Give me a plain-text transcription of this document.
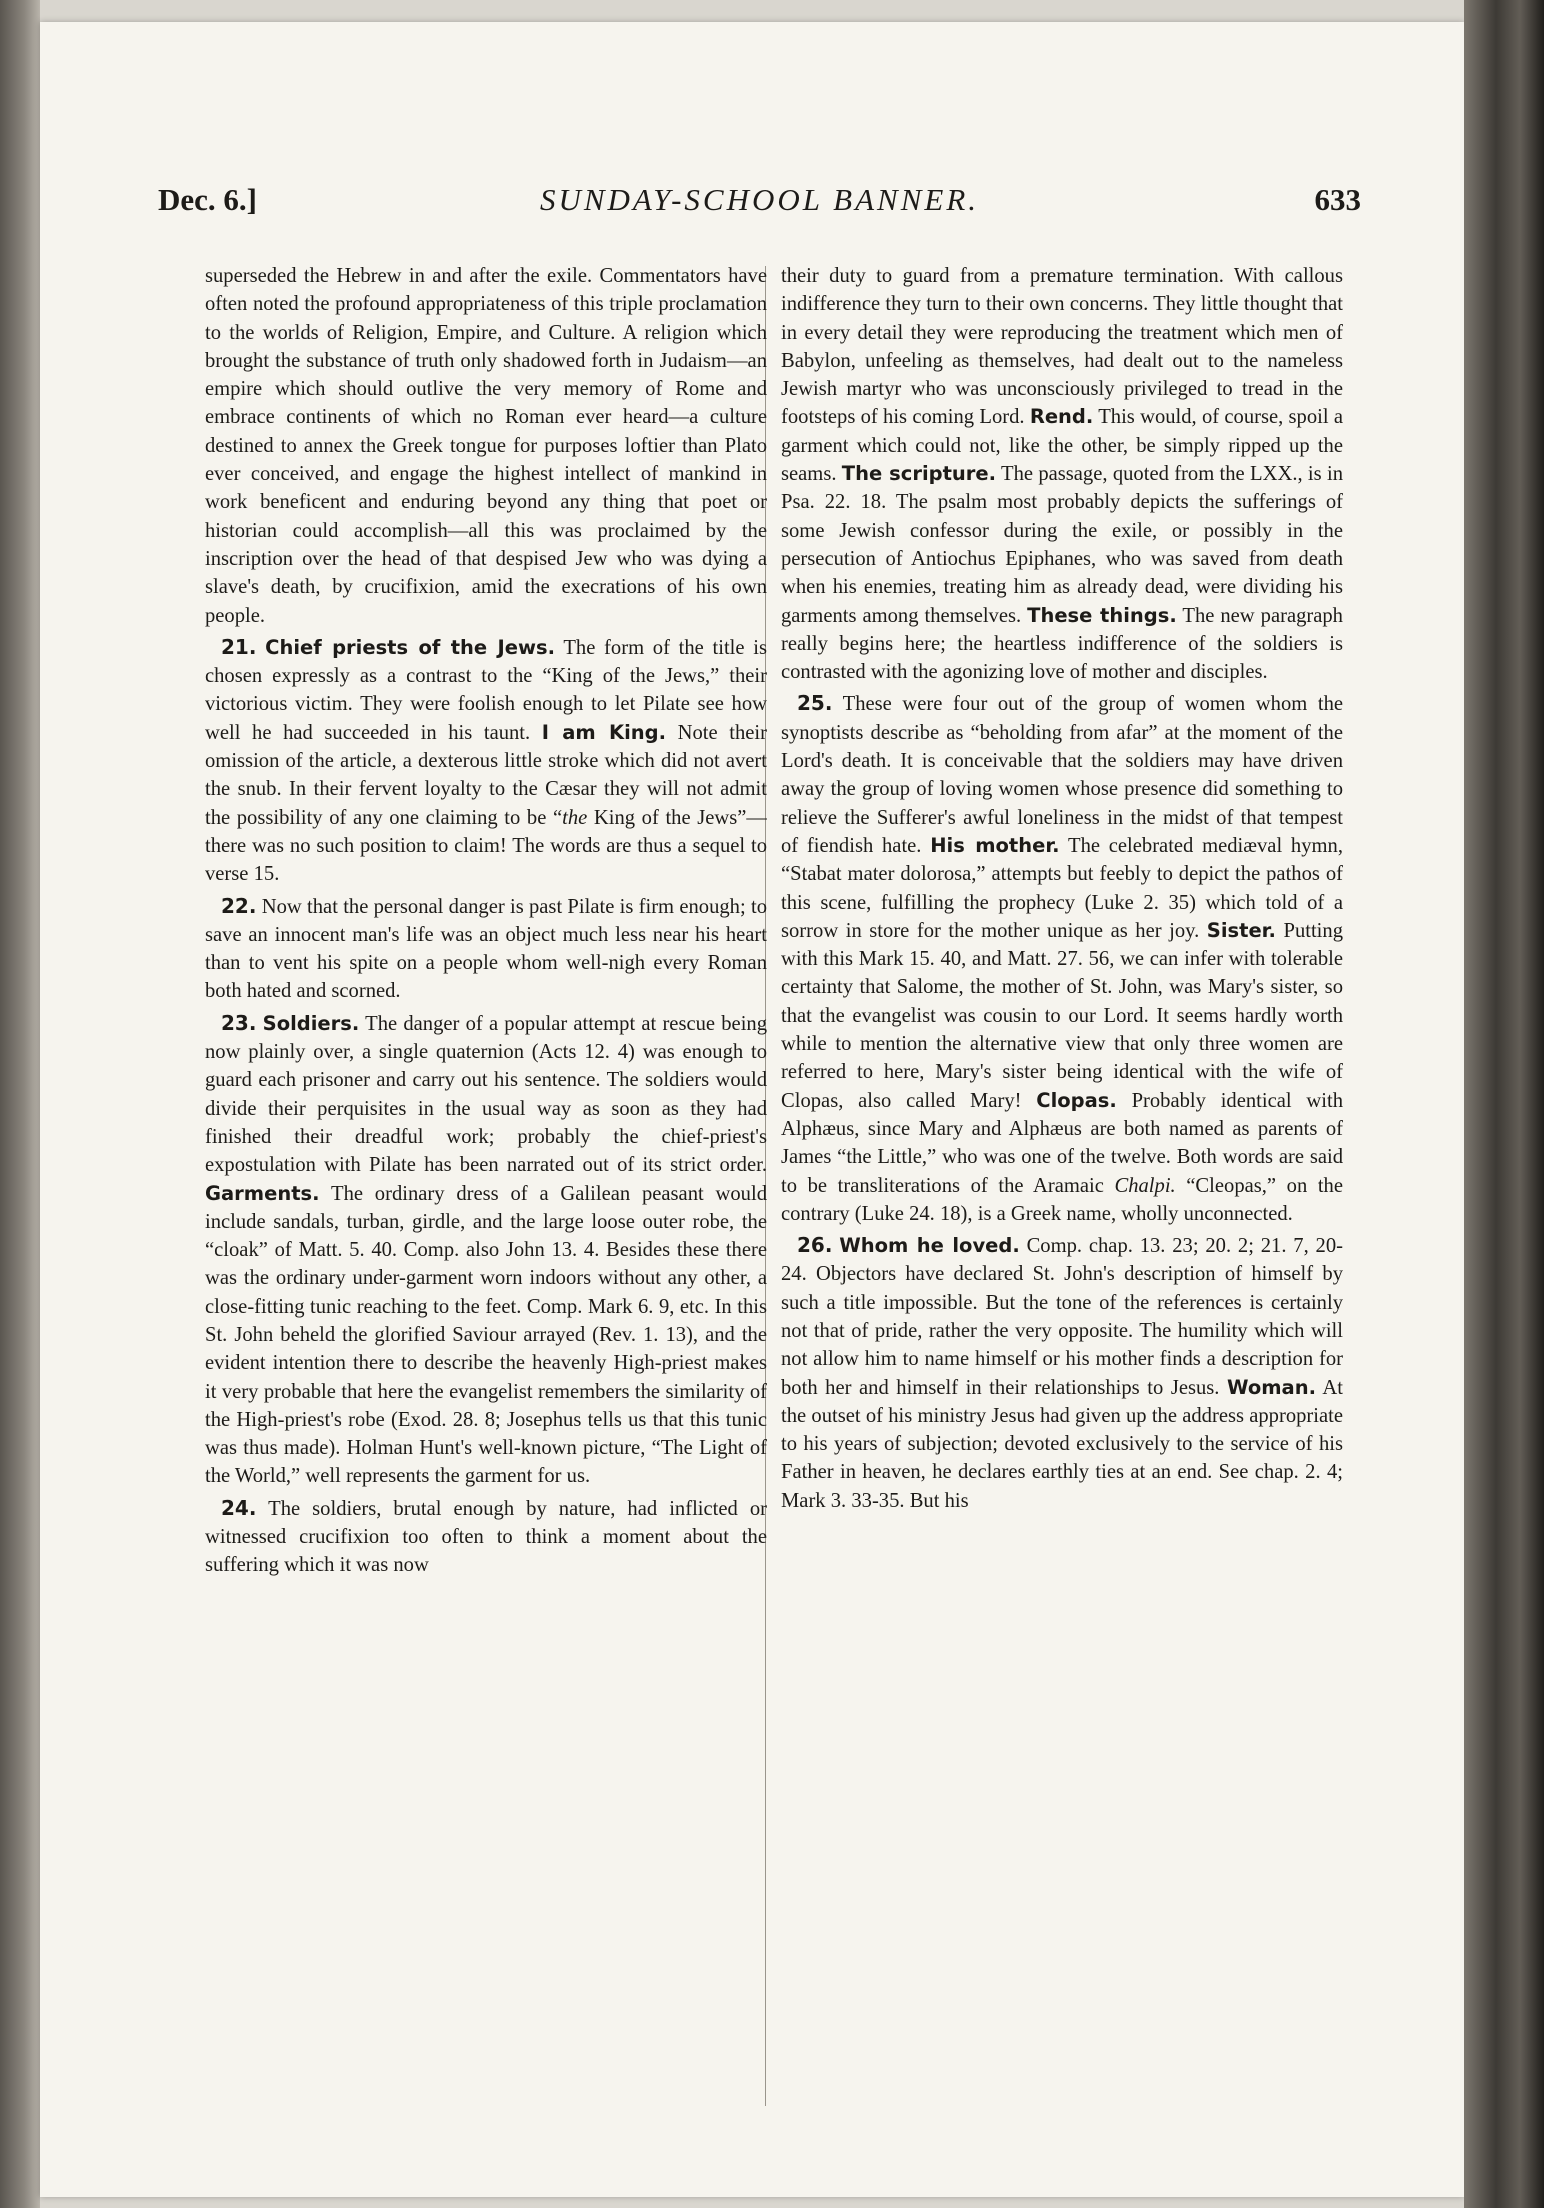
Dec. 6.]	SUNDAY-SCHOOL BANNER.	633

superseded the Hebrew in and after the exile. Commentators have often noted the profound appropriateness of this triple proclamation to the worlds of Religion, Empire, and Culture. A religion which brought the substance of truth only shadowed forth in Judaism—an empire which should outlive the very memory of Rome and embrace continents of which no Roman ever heard—a culture destined to annex the Greek tongue for purposes loftier than Plato ever conceived, and engage the highest intellect of mankind in work beneficent and enduring beyond any thing that poet or historian could accomplish—all this was proclaimed by the inscription over the head of that despised Jew who was dying a slave's death, by crucifixion, amid the execrations of his own people.

21. Chief priests of the Jews. The form of the title is chosen expressly as a contrast to the “King of the Jews,” their victorious victim. They were foolish enough to let Pilate see how well he had succeeded in his taunt. I am King. Note their omission of the article, a dexterous little stroke which did not avert the snub. In their fervent loyalty to the Cæsar they will not admit the possibility of any one claiming to be “the King of the Jews”—there was no such position to claim! The words are thus a sequel to verse 15.

22. Now that the personal danger is past Pilate is firm enough; to save an innocent man's life was an object much less near his heart than to vent his spite on a people whom well-nigh every Roman both hated and scorned.

23. Soldiers. The danger of a popular attempt at rescue being now plainly over, a single quaternion (Acts 12. 4) was enough to guard each prisoner and carry out his sentence. The soldiers would divide their perquisites in the usual way as soon as they had finished their dreadful work; probably the chief-priest's expostulation with Pilate has been narrated out of its strict order. Garments. The ordinary dress of a Galilean peasant would include sandals, turban, girdle, and the large loose outer robe, the “cloak” of Matt. 5. 40. Comp. also John 13. 4. Besides these there was the ordinary under-garment worn indoors without any other, a close-fitting tunic reaching to the feet. Comp. Mark 6. 9, etc. In this St. John beheld the glorified Saviour arrayed (Rev. 1. 13), and the evident intention there to describe the heavenly High-priest makes it very probable that here the evangelist remembers the similarity of the High-priest's robe (Exod. 28. 8; Josephus tells us that this tunic was thus made). Holman Hunt's well-known picture, “The Light of the World,” well represents the garment for us.

24. The soldiers, brutal enough by nature, had inflicted or witnessed crucifixion too often to think a moment about the suffering which it was now

their duty to guard from a premature termination. With callous indifference they turn to their own concerns. They little thought that in every detail they were reproducing the treatment which men of Babylon, unfeeling as themselves, had dealt out to the nameless Jewish martyr who was unconsciously privileged to tread in the footsteps of his coming Lord. Rend. This would, of course, spoil a garment which could not, like the other, be simply ripped up the seams. The scripture. The passage, quoted from the LXX., is in Psa. 22. 18. The psalm most probably depicts the sufferings of some Jewish confessor during the exile, or possibly in the persecution of Antiochus Epiphanes, who was saved from death when his enemies, treating him as already dead, were dividing his garments among themselves. These things. The new paragraph really begins here; the heartless indifference of the soldiers is contrasted with the agonizing love of mother and disciples.

25. These were four out of the group of women whom the synoptists describe as “beholding from afar” at the moment of the Lord's death. It is conceivable that the soldiers may have driven away the group of loving women whose presence did something to relieve the Sufferer's awful loneliness in the midst of that tempest of fiendish hate. His mother. The celebrated mediæval hymn, “Stabat mater dolorosa,” attempts but feebly to depict the pathos of this scene, fulfilling the prophecy (Luke 2. 35) which told of a sorrow in store for the mother unique as her joy. Sister. Putting with this Mark 15. 40, and Matt. 27. 56, we can infer with tolerable certainty that Salome, the mother of St. John, was Mary's sister, so that the evangelist was cousin to our Lord. It seems hardly worth while to mention the alternative view that only three women are referred to here, Mary's sister being identical with the wife of Clopas, also called Mary! Clopas. Probably identical with Alphæus, since Mary and Alphæus are both named as parents of James “the Little,” who was one of the twelve. Both words are said to be transliterations of the Aramaic Chalpi. “Cleopas,” on the contrary (Luke 24. 18), is a Greek name, wholly unconnected.

26. Whom he loved. Comp. chap. 13. 23; 20. 2; 21. 7, 20-24. Objectors have declared St. John's description of himself by such a title impossible. But the tone of the references is certainly not that of pride, rather the very opposite. The humility which will not allow him to name himself or his mother finds a description for both her and himself in their relationships to Jesus. Woman. At the outset of his ministry Jesus had given up the address appropriate to his years of subjection; devoted exclusively to the service of his Father in heaven, he declares earthly ties at an end. See chap. 2. 4; Mark 3. 33-35. But his
